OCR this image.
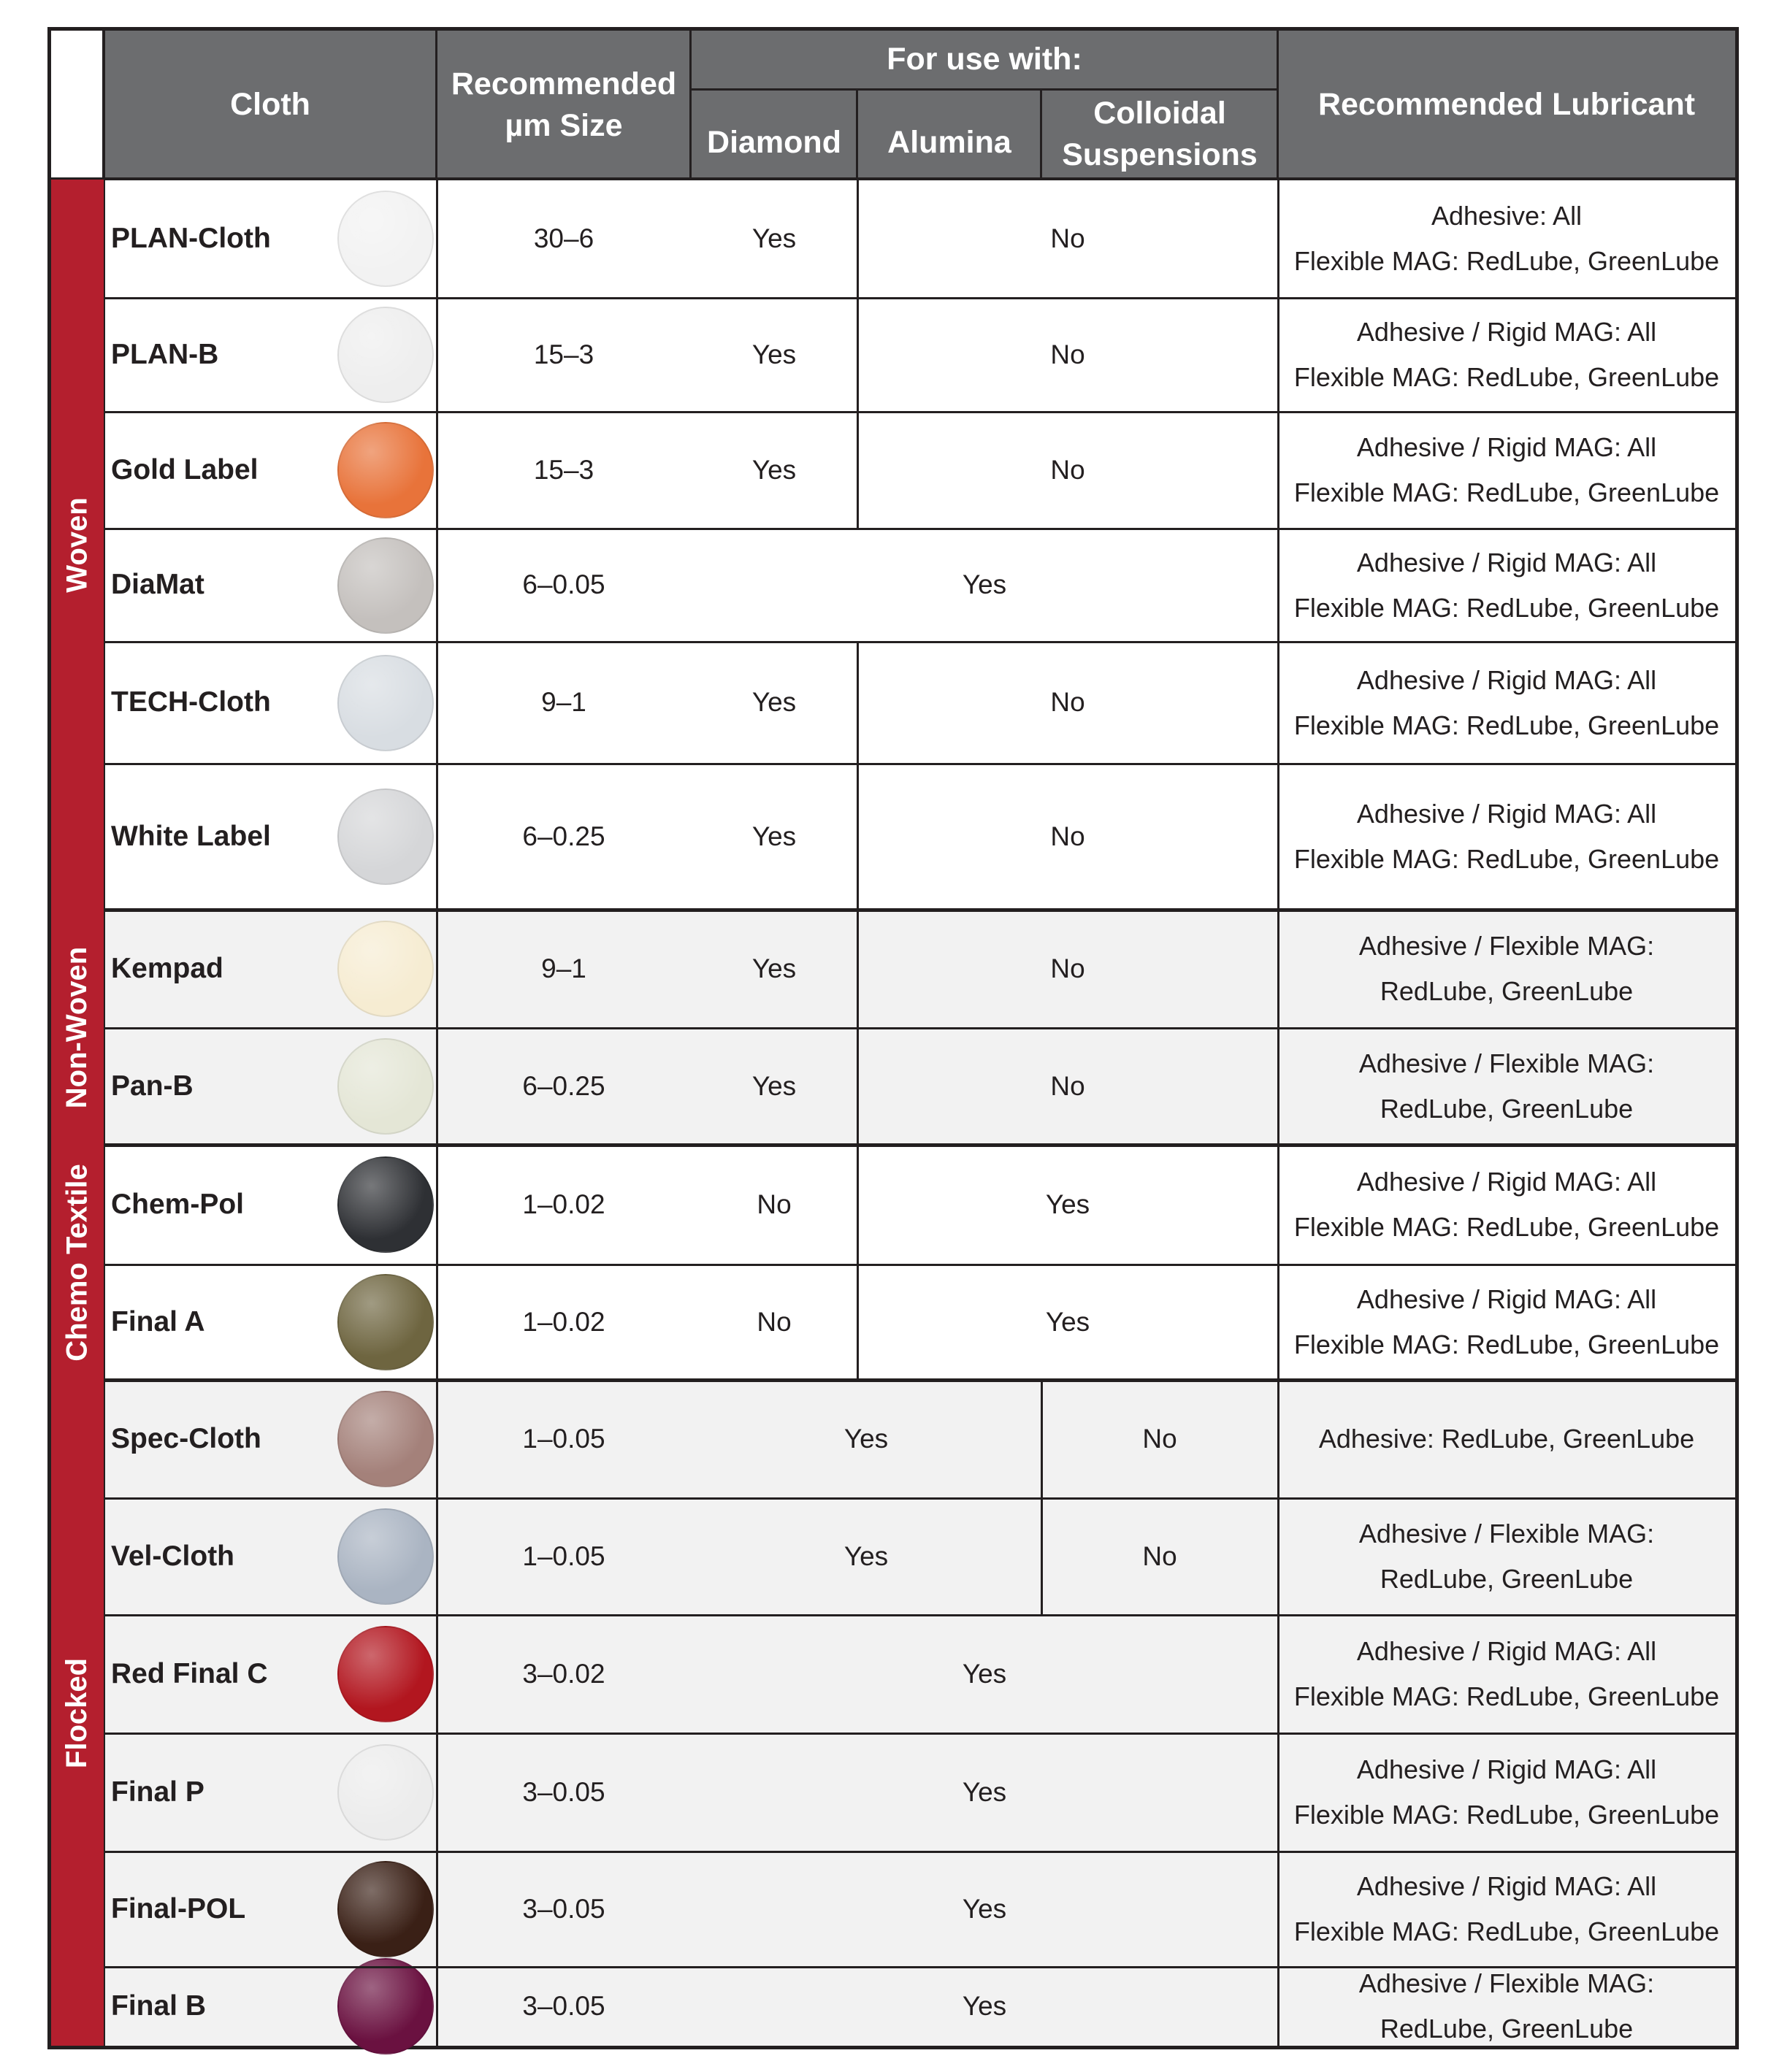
Cloth
Recommended µm Size
For use with:
Diamond	Alumina
Colloidal Suspensions
Recommended Lubricant
PLAN-Cloth	30–6	Yes	No
Adhesive: All
Flexible MAG: RedLube, GreenLube
PLAN-B	15–3	Yes	No
Adhesive / Rigid MAG: All
Flexible MAG: RedLube, GreenLube
Gold Label	15–3	Yes	No
Adhesive / Rigid MAG: All
Flexible MAG: RedLube, GreenLube
DiaMat	6–0.05	Yes
Adhesive / Rigid MAG: All
Flexible MAG: RedLube, GreenLube
TECH-Cloth	9–1	Yes	No
Adhesive / Rigid MAG: All
Flexible MAG: RedLube, GreenLube
White Label	6–0.25	Yes	No
Adhesive / Rigid MAG: All
Flexible MAG: RedLube, GreenLube
Kempad	9–1	Yes	No
Adhesive / Flexible MAG:
RedLube, GreenLube
Pan-B	6–0.25	Yes	No
Adhesive / Flexible MAG:
RedLube, GreenLube
Chem-Pol	1–0.02	No	Yes
Adhesive / Rigid MAG: All
Flexible MAG: RedLube, GreenLube
Final A	1–0.02	No	Yes
Adhesive / Rigid MAG: All
Flexible MAG: RedLube, GreenLube
Spec-Cloth	1–0.05	Yes	No	Adhesive: RedLube, GreenLube
Vel-Cloth	1–0.05	Yes	No
Adhesive / Flexible MAG:
RedLube, GreenLube
Red Final C	3–0.02	Yes
Adhesive / Rigid MAG: All
Flexible MAG: RedLube, GreenLube
Final P	3–0.05	Yes
Adhesive / Rigid MAG: All
Flexible MAG: RedLube, GreenLube
Final-POL	3–0.05	Yes
Adhesive / Rigid MAG: All
Flexible MAG: RedLube, GreenLube
Final B	3–0.05	Yes
Adhesive / Flexible MAG:
RedLube, GreenLube
Woven
Non-Woven
Chemo Textile
Flocked
